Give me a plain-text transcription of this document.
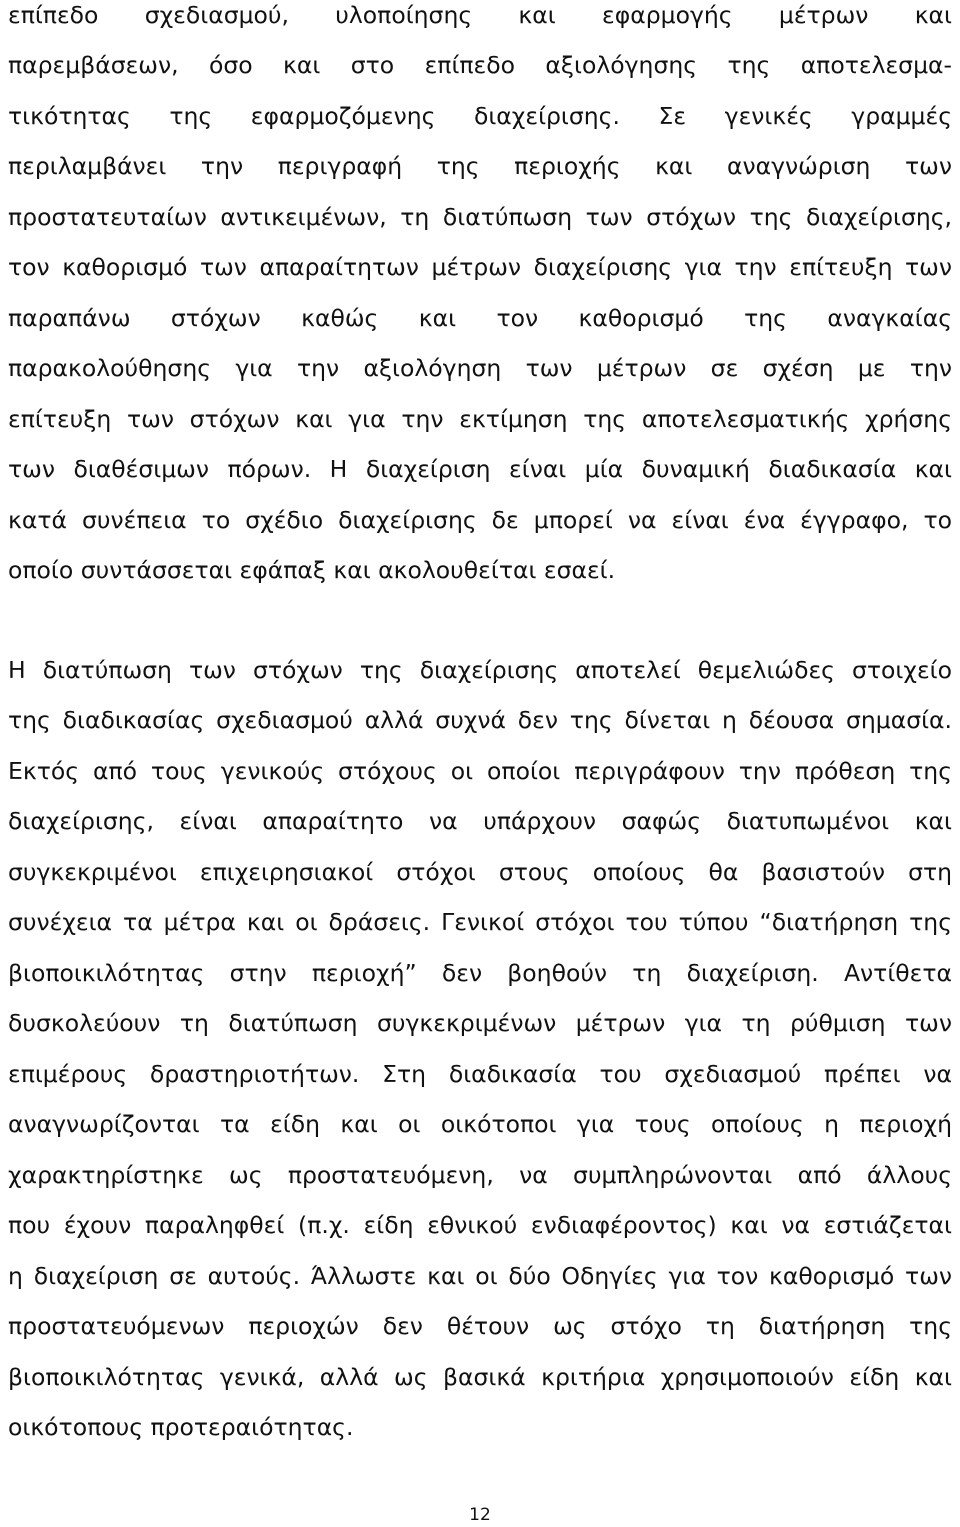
επίπεδο σχεδιασμού, υλοποίησης και εφαρμογής μέτρων και
παρεμβάσεων, όσο και στο επίπεδο αξιολόγησης της αποτελεσμα-
τικότητας της εφαρμοζόμενης διαχείρισης. Σε γενικές γραμμές
περιλαμβάνει την περιγραφή της περιοχής και αναγνώριση των
προστατευταίων αντικειμένων, τη διατύπωση των στόχων της διαχείρισης,
τον καθορισμό των απαραίτητων μέτρων διαχείρισης για την επίτευξη των
παραπάνω στόχων καθώς και τον καθορισμό της αναγκαίας
παρακολούθησης για την αξιολόγηση των μέτρων σε σχέση με την
επίτευξη των στόχων και για την εκτίμηση της αποτελεσματικής χρήσης
των διαθέσιμων πόρων. Η διαχείριση είναι μία δυναμική διαδικασία και
κατά συνέπεια το σχέδιο διαχείρισης δε μπορεί να είναι ένα έγγραφο, το
οποίο συντάσσεται εφάπαξ και ακολουθείται εσαεί.
Η διατύπωση των στόχων της διαχείρισης αποτελεί θεμελιώδες στοιχείο
της διαδικασίας σχεδιασμού αλλά συχνά δεν της δίνεται η δέουσα σημασία.
Εκτός από τους γενικούς στόχους οι οποίοι περιγράφουν την πρόθεση της
διαχείρισης, είναι απαραίτητο να υπάρχουν σαφώς διατυπωμένοι και
συγκεκριμένοι επιχειρησιακοί στόχοι στους οποίους θα βασιστούν στη
συνέχεια τα μέτρα και οι δράσεις. Γενικοί στόχοι του τύπου “διατήρηση της
βιοποικιλότητας στην περιοχή” δεν βοηθούν τη διαχείριση. Αντίθετα
δυσκολεύουν τη διατύπωση συγκεκριμένων μέτρων για τη ρύθμιση των
επιμέρους δραστηριοτήτων. Στη διαδικασία του σχεδιασμού πρέπει να
αναγνωρίζονται τα είδη και οι οικότοποι για τους οποίους η περιοχή
χαρακτηρίστηκε ως προστατευόμενη, να συμπληρώνονται από άλλους
που έχουν παραληφθεί (π.χ. είδη εθνικού ενδιαφέροντος) και να εστιάζεται
η διαχείριση σε αυτούς. Άλλωστε και οι δύο Οδηγίες για τον καθορισμό των
προστατευόμενων περιοχών δεν θέτουν ως στόχο τη διατήρηση της
βιοποικιλότητας γενικά, αλλά ως βασικά κριτήρια χρησιμοποιούν είδη και
οικότοπους προτεραιότητας.
12
